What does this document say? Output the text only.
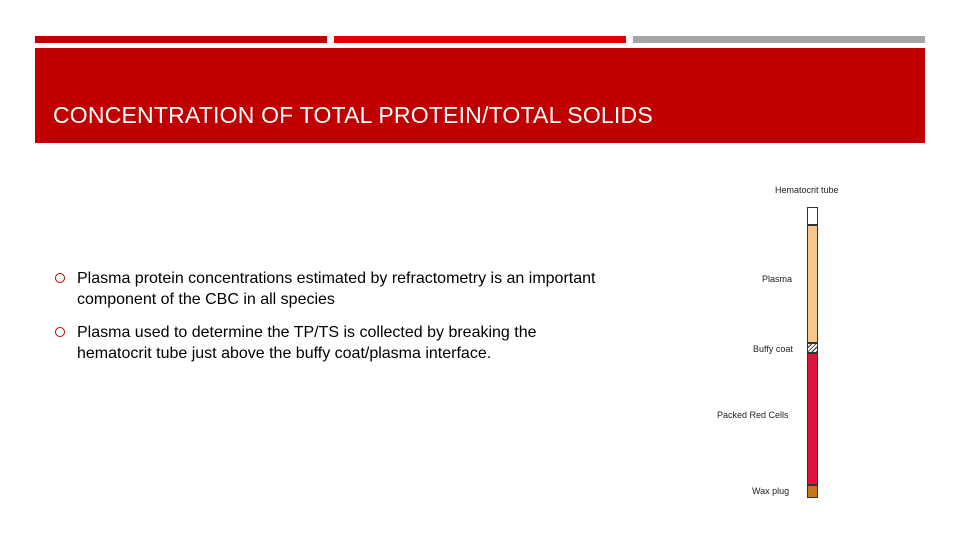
CONCENTRATION OF TOTAL PROTEIN/TOTAL SOLIDS
Plasma protein concentrations estimated by refractometry is an important component of the CBC in all species
Plasma used to determine the TP/TS is collected by breaking the hematocrit tube just above the buffy coat/plasma interface.
Hematocrit tube
Plasma
Buffy coat
Packed Red Cells
Wax plug
